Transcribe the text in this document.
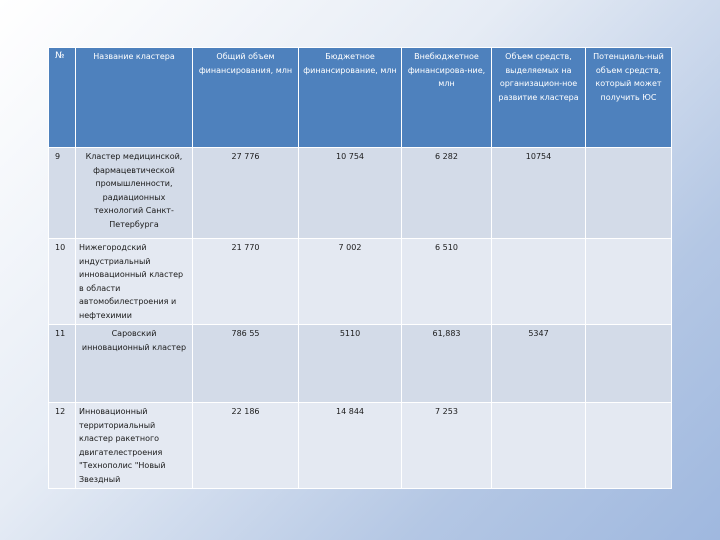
№	Название кластера	Общий объем финансирования, млн	Бюджетное финансирование, млн	Внебюджетное финансирова-ние, млн	Объем средств, выделяемых на организацион-ное развитие кластера	Потенциаль-ный объем средств, который может получить ЮС
9	Кластер медицинской, фармацевтической промышленности, радиационных технологий Санкт-Петербурга	27 776	10 754	6 282	10754	
10	Нижегородский индустриальный инновационный кластер в области автомобилестроения и нефтехимии	21 770	7 002	6 510		
11	Саровский инновационный кластер	786 55	5110	61,883	5347	
12	Инновационный территориальный кластер ракетного двигателестроения "Технополис "Новый Звездный	22 186	14 844	7 253		
